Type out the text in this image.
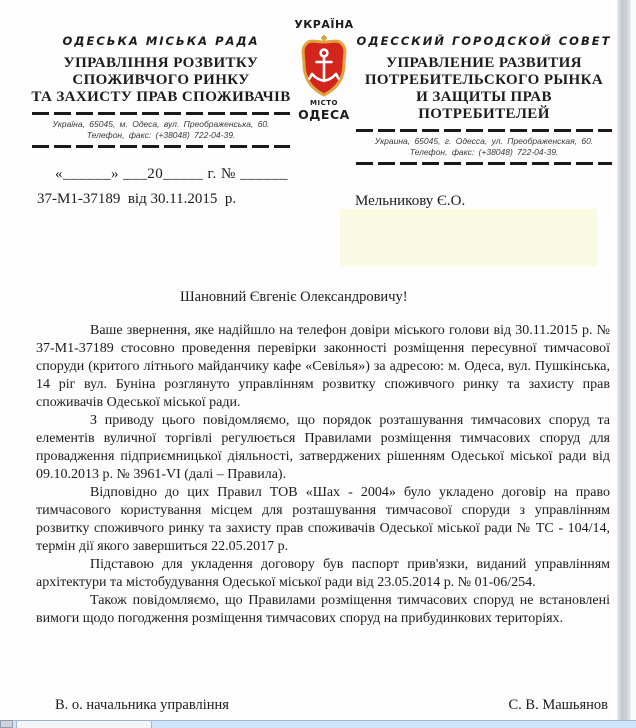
ОДЕСЬКА МІСЬКА РАДА
УПРАВЛІННЯ РОЗВИТКУ
СПОЖИВЧОГО РИНКУ
ТА ЗАХИСТУ ПРАВ СПОЖИВАЧІВ
Україна, 65045, м. Одеса, вул. Преображенська, 60.
Телефон, факс: (+38048) 722-04-39.
УКРАЇНА
МІСТО
ОДЕСА
ОДЕССКИЙ ГОРОДСКОЙ СОВЕТ
УПРАВЛЕНИЕ РАЗВИТИЯ
ПОТРЕБИТЕЛЬСКОГО РЫНКА
И ЗАЩИТЫ ПРАВ ПОТРЕБИТЕЛЕЙ
Украина, 65045, г. Одесса, ул. Преображенская, 60.
Телефон, факс: (+38048) 722-04-39.
«______» ___20_____ г. № ______
37-М1-37189  від 30.11.2015  р.	Мельникову Є.О.
Шановний Євгеніє Олександровичу!

Ваше звернення, яке надійшло на телефон довіри міського голови від 30.11.2015 р. № 37-М1-37189 стосовно проведення перевірки законності розміщення пересувної тимчасової споруди (критого літнього майданчику кафе «Севілья») за адресою: м. Одеса, вул. Пушкінська, 14 ріг вул. Буніна розглянуто управлінням розвитку споживчого ринку та захисту прав споживачів Одеської міської ради.

З приводу цього повідомляємо, що порядок розташування тимчасових споруд та елементів вуличної торгівлі регулюється Правилами розміщення тимчасових споруд для провадження підприємницької діяльності, затверджених рішенням Одеської міської ради від 09.10.2013 р. № 3961-VI (далі – Правила).

Відповідно до цих Правил ТОВ «Шах - 2004» було укладено договір на право тимчасового користування місцем для розташування тимчасової споруди з управлінням розвитку споживчого ринку та захисту прав споживачів Одеської міської ради № ТС - 104/14, термін дії якого завершиться 22.05.2017 р.

Підставою для укладення договору був паспорт прив'язки, виданий управлінням архітектури та містобудування Одеської міської ради від 23.05.2014 р. № 01-06/254.

Також повідомляємо, що Правилами розміщення тимчасових споруд не встановлені вимоги щодо погодження розміщення тимчасових споруд на прибудинкових територіях.

В. о. начальника управління	С. В. Машьянов
